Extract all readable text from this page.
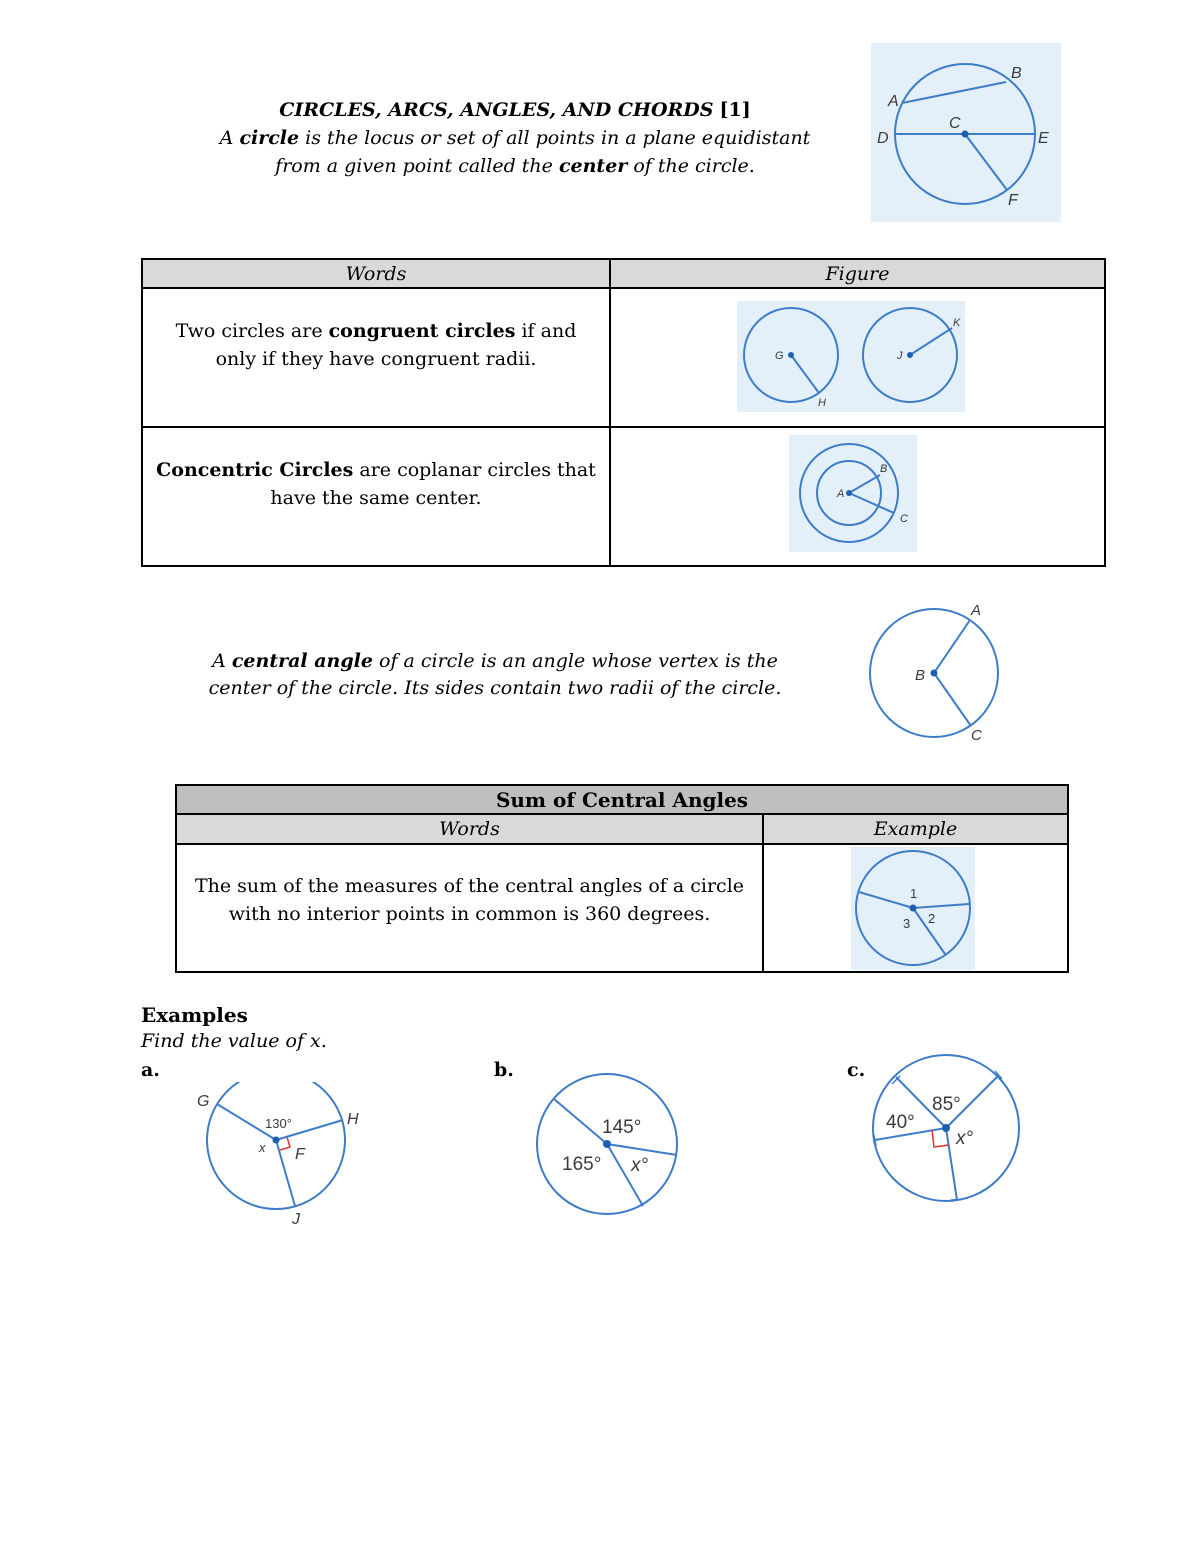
CIRCLES, ARCS, ANGLES, AND CHORDS [1]
A circle is the locus or set of all points in a plane equidistant
from a given point called the center of the circle.
A
B
C
D	E
F
Words	Figure
Two circles are congruent circles if and
only if they have congruent radii.	G
H
J
K
Concentric Circles are coplanar circles that
have the same center.	A
B
C
A central angle of a circle is an angle whose vertex is the
center of the circle. Its sides contain two radii of the circle.
A
B
C
Sum of Central Angles
Words	Example
The sum of the measures of the central angles of a circle
with no interior points in common is 360 degrees.
1
2
3
Examples
Find the value of x.
a.
G
H
F
J
130°
x
b.
145°
165° x°
c.
40°
85°
x°
